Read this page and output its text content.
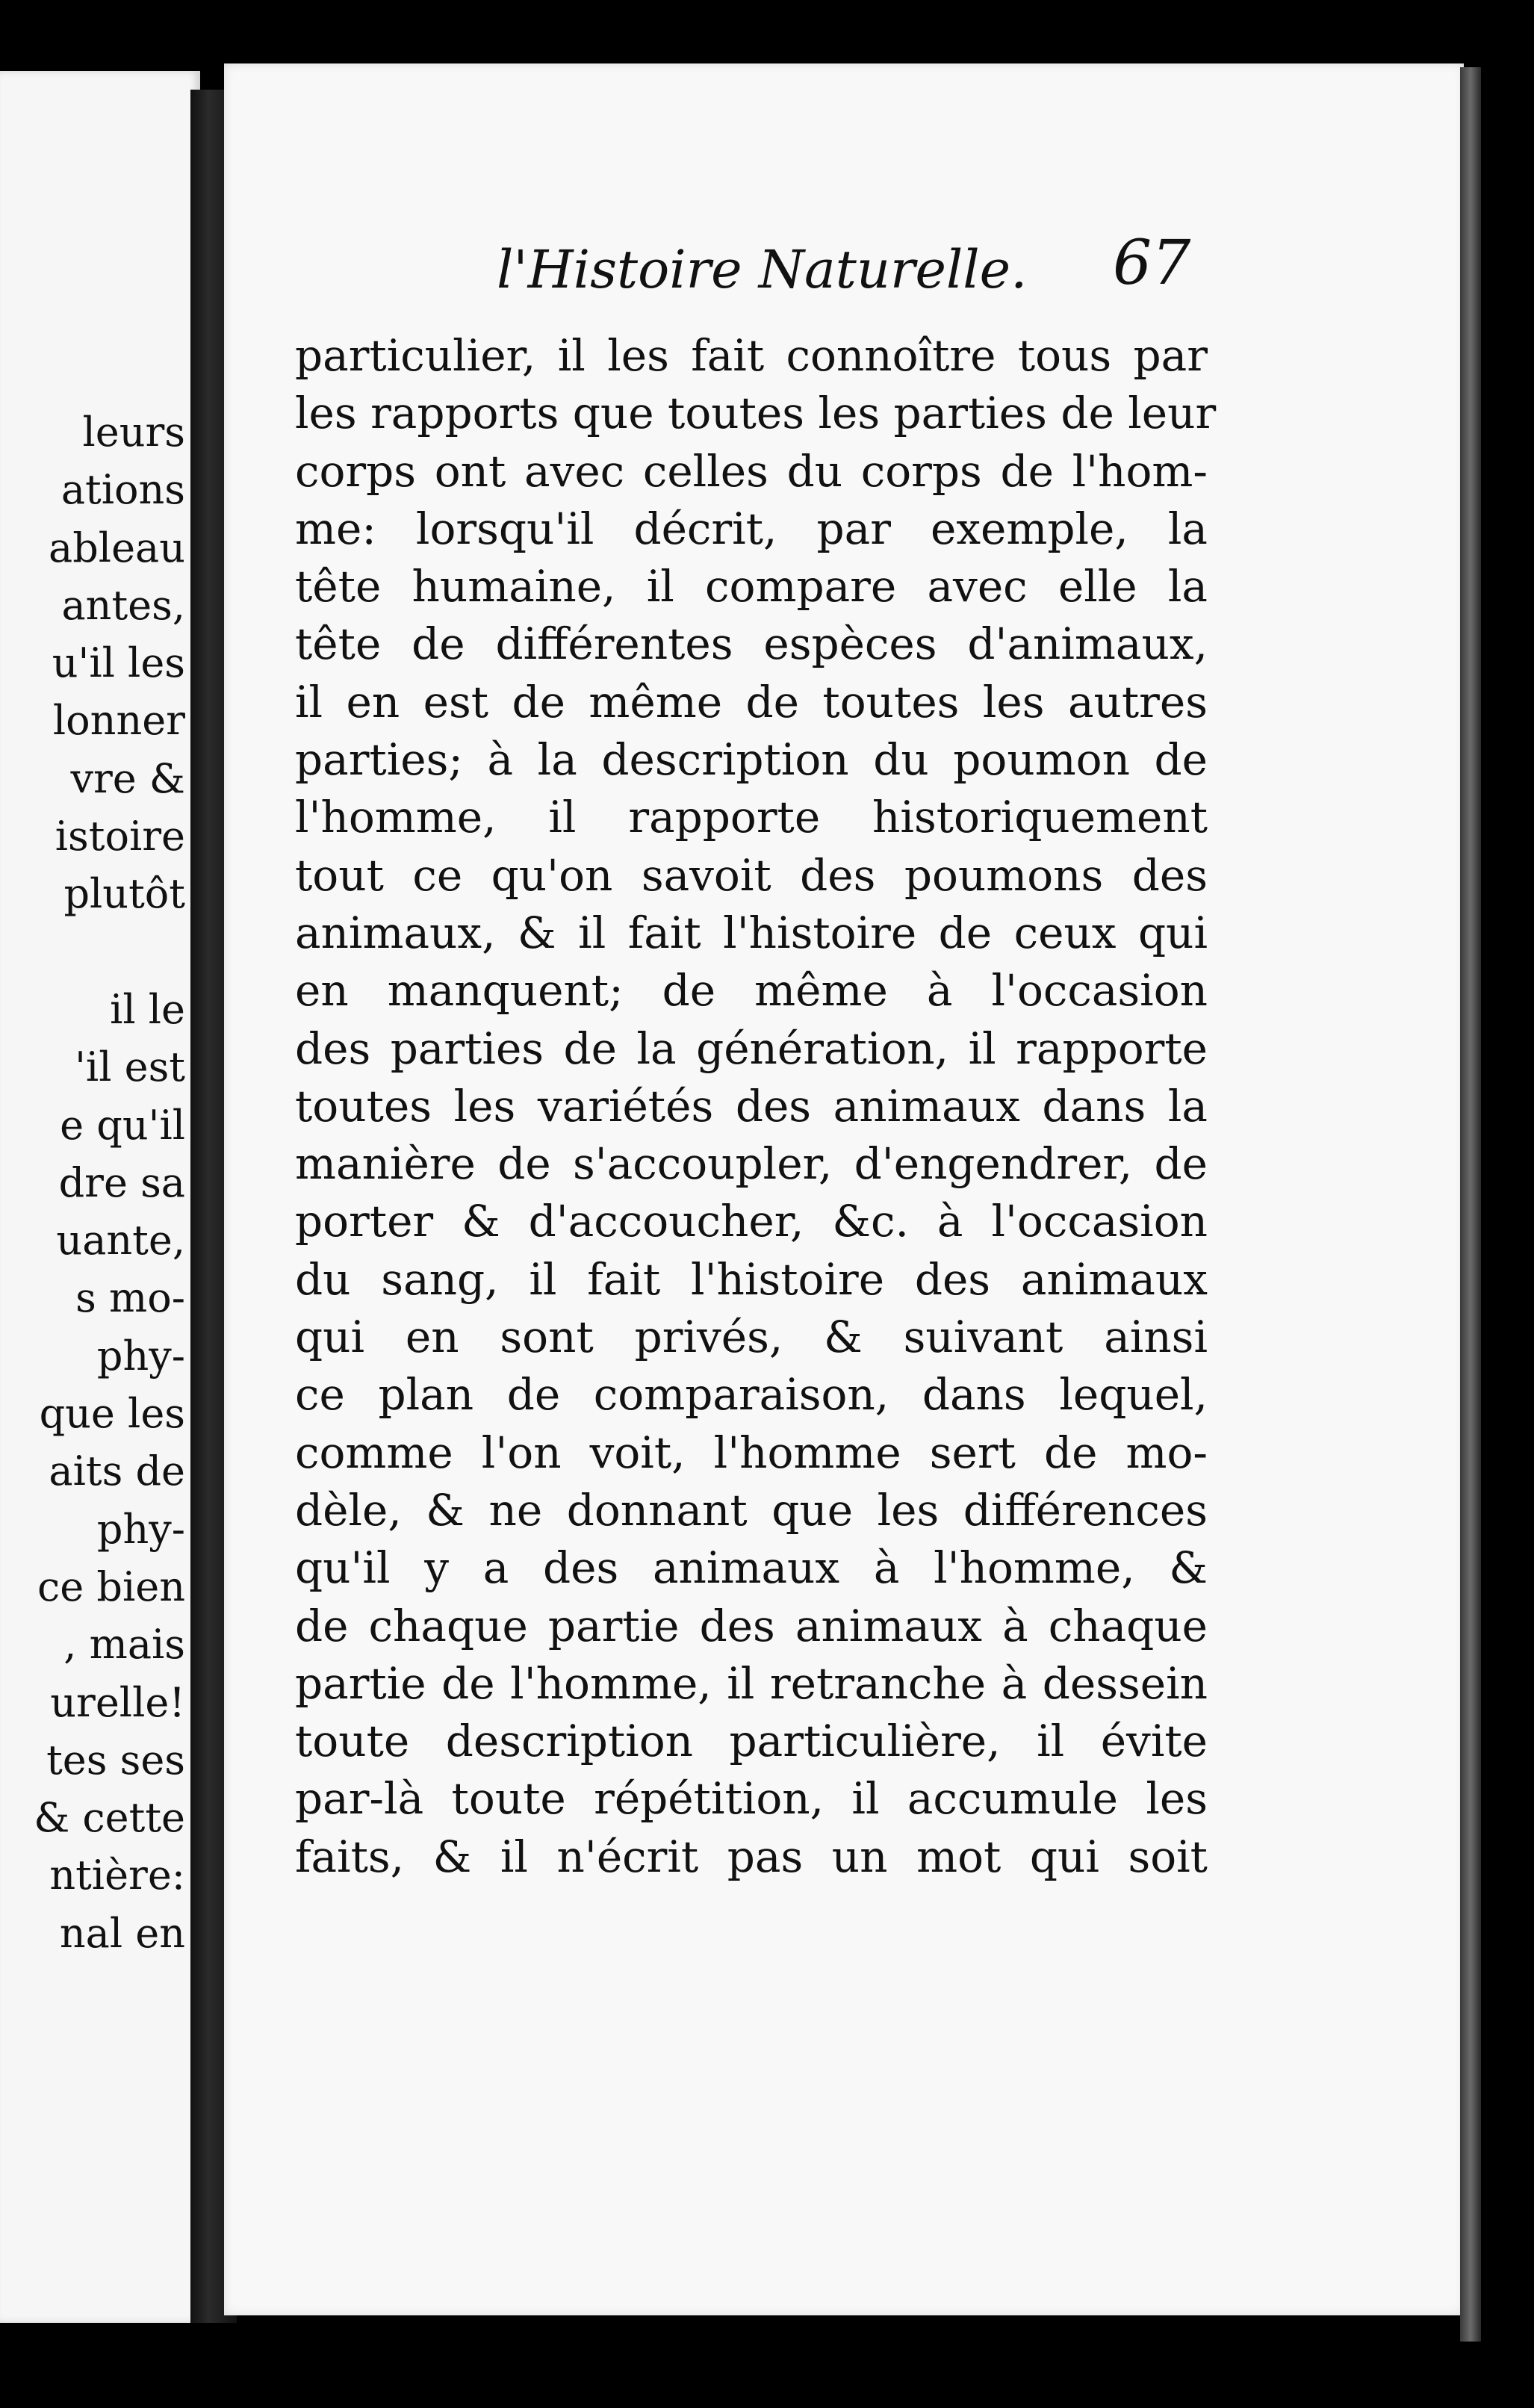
leurs
ations
ableau
antes,
u'il les
lonner
vre &
istoire
plutôt
il le
'il est
e qu'il
dre sa
uante,
s mo-
phy-
que les
aits de
phy-
ce bien
, mais
urelle!
tes ses
& cette
ntière:
nal en
l'Histoire Naturelle. 67
particulier, il les fait connoître tous par
les rapports que toutes les parties de leur
corps ont avec celles du corps de l'hom-
me: lorsqu'il décrit, par exemple, la
tête humaine, il compare avec elle la
tête de différentes espèces d'animaux,
il en est de même de toutes les autres
parties; à la description du poumon de
l'homme, il rapporte historiquement
tout ce qu'on savoit des poumons des
animaux, & il fait l'histoire de ceux qui
en manquent; de même à l'occasion
des parties de la génération, il rapporte
toutes les variétés des animaux dans la
manière de s'accoupler, d'engendrer, de
porter & d'accoucher, &c. à l'occasion
du sang, il fait l'histoire des animaux
qui en sont privés, & suivant ainsi
ce plan de comparaison, dans lequel,
comme l'on voit, l'homme sert de mo-
dèle, & ne donnant que les différences
qu'il y a des animaux à l'homme, &
de chaque partie des animaux à chaque
partie de l'homme, il retranche à dessein
toute description particulière, il évite
par-là toute répétition, il accumule les
faits, & il n'écrit pas un mot qui soit
